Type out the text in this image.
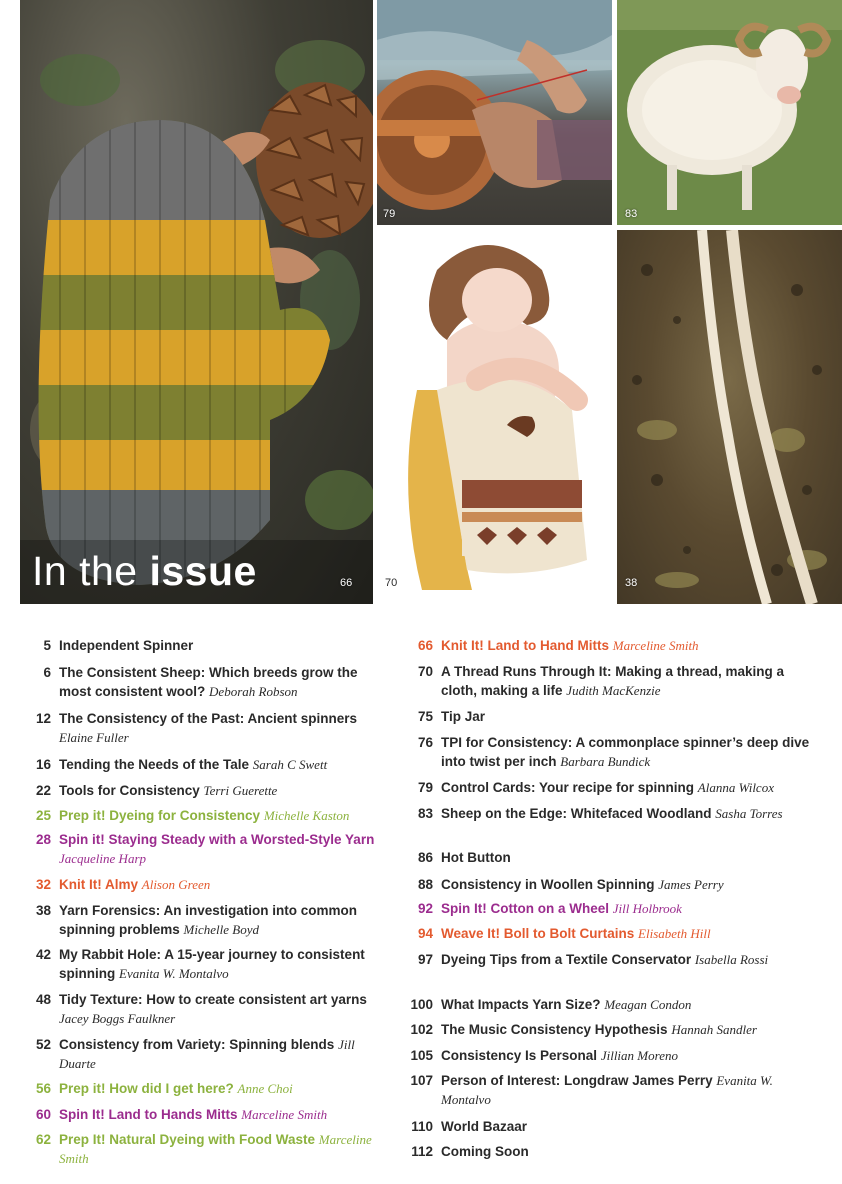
66
In the issue
79	83
70	38
5 Independent Spinner
6 The Consistent Sheep: Which breeds grow the most consistent wool? Deborah Robson
12 The Consistency of the Past: Ancient spinners Elaine Fuller
16 Tending the Needs of the Tale Sarah C Swett
22 Tools for Consistency Terri Guerette
25 Prep it! Dyeing for Consistency Michelle Kaston
28 Spin it! Staying Steady with a Worsted-Style Yarn Jacqueline Harp
32 Knit It! Almy Alison Green
38 Yarn Forensics: An investigation into common spinning problems Michelle Boyd
42 My Rabbit Hole: A 15-year journey to consistent spinning Evanita W. Montalvo
48 Tidy Texture: How to create consistent art yarns Jacey Boggs Faulkner
52 Consistency from Variety: Spinning blends Jill Duarte
56 Prep it! How did I get here? Anne Choi
60 Spin It! Land to Hands Mitts Marceline Smith
62 Prep It! Natural Dyeing with Food Waste Marceline Smith
66 Knit It! Land to Hand Mitts Marceline Smith
70 A Thread Runs Through It: Making a thread, making a cloth, making a life Judith MacKenzie
75 Tip Jar
76 TPI for Consistency: A commonplace spinner’s deep dive into twist per inch Barbara Bundick
79 Control Cards: Your recipe for spinning Alanna Wilcox
83 Sheep on the Edge: Whitefaced Woodland Sasha Torres
86 Hot Button
88 Consistency in Woollen Spinning James Perry
92 Spin It! Cotton on a Wheel Jill Holbrook
94 Weave It! Boll to Bolt Curtains Elisabeth Hill
97 Dyeing Tips from a Textile Conservator Isabella Rossi
100 What Impacts Yarn Size? Meagan Condon
102 The Music Consistency Hypothesis Hannah Sandler
105 Consistency Is Personal Jillian Moreno
107 Person of Interest: Longdraw James Perry Evanita W. Montalvo
110 World Bazaar
112 Coming Soon
